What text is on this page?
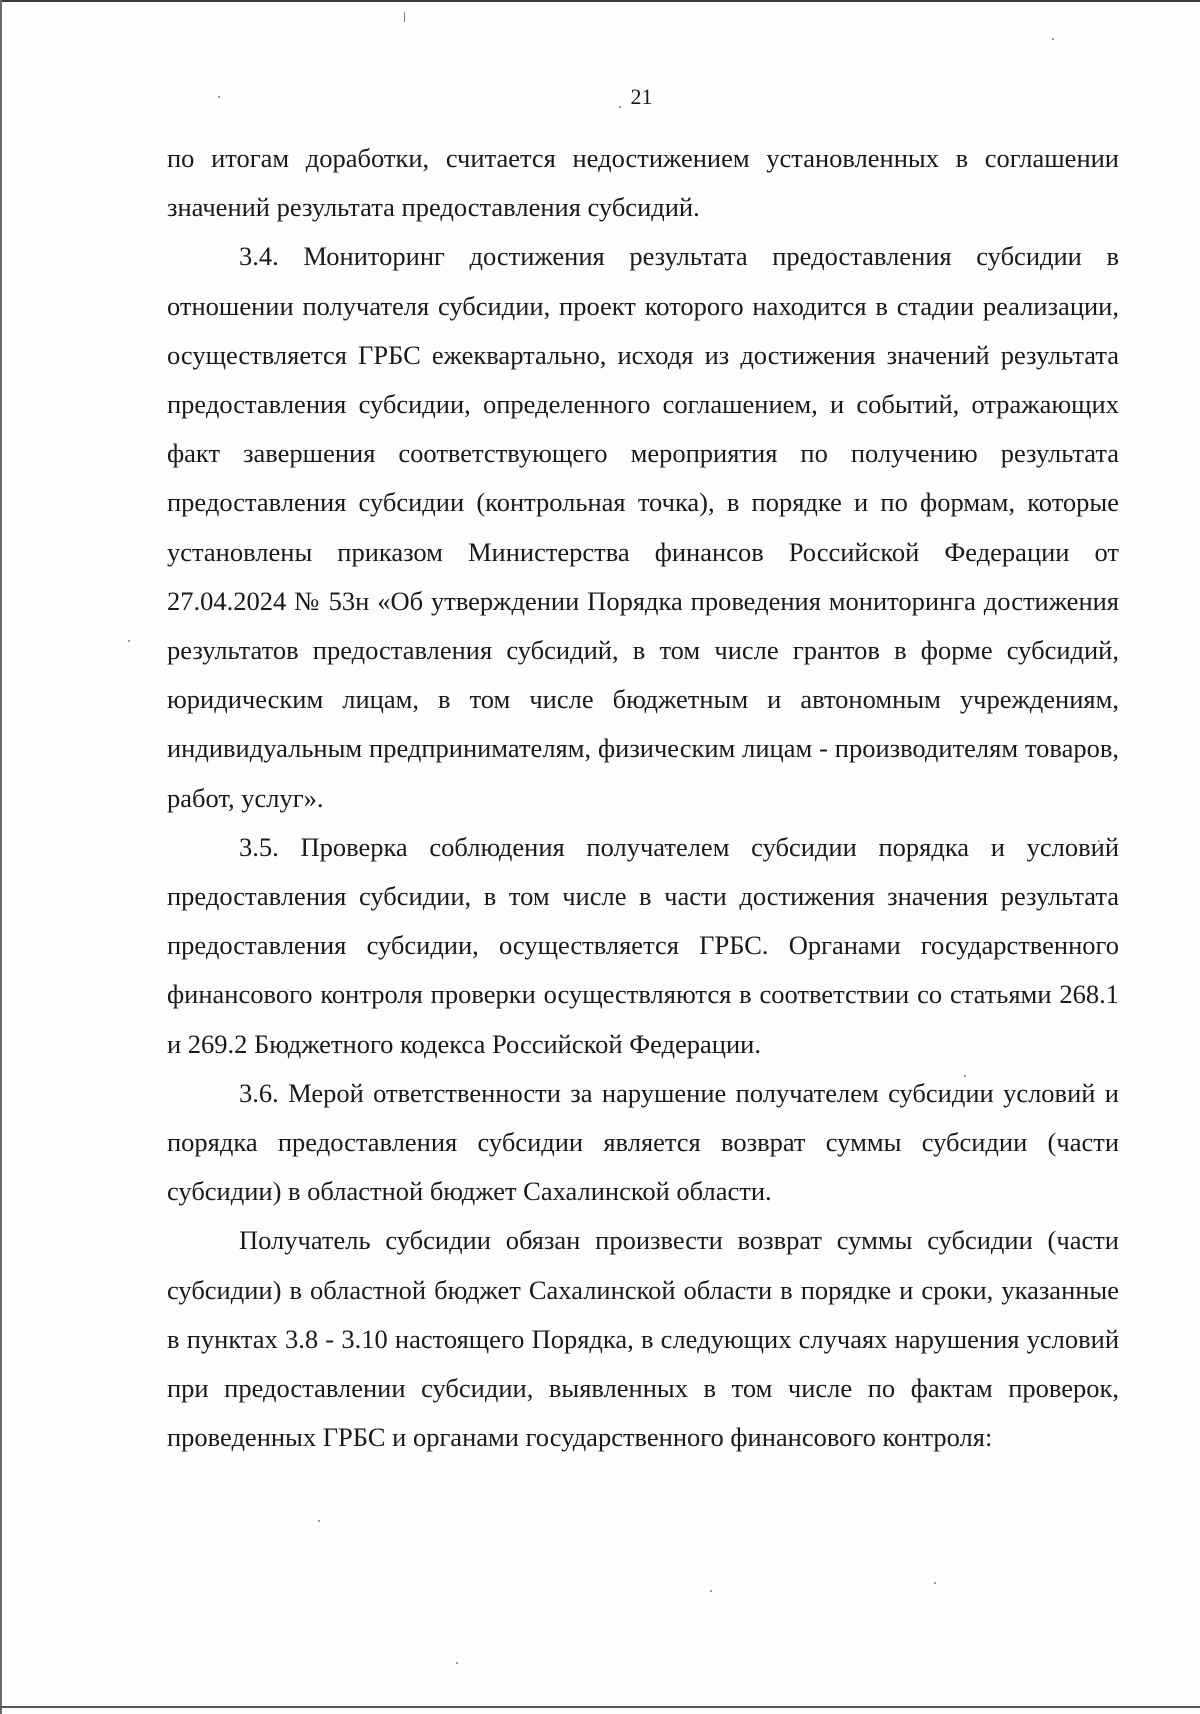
21

по итогам доработки, считается недостижением установленных в соглашении значений результата предоставления субсидий.

3.4. Мониторинг достижения результата предоставления субсидии в отношении получателя субсидии, проект которого находится в стадии реализации, осуществляется ГРБС ежеквартально, исходя из достижения значений результата предоставления субсидии, определенного соглашением, и событий, отражающих факт завершения соответствующего мероприятия по получению результата предоставления субсидии (контрольная точка), в порядке и по формам, которые установлены приказом Министерства финансов Российской Федерации от 27.04.2024 № 53н «Об утверждении Порядка проведения мониторинга достижения результатов предоставления субсидий, в том числе грантов в форме субсидий, юридическим лицам, в том числе бюджетным и автономным учреждениям, индивидуальным предпринимателям, физическим лицам - производителям товаров, работ, услуг».

3.5. Проверка соблюдения получателем субсидии порядка и условий предоставления субсидии, в том числе в части достижения значения результата предоставления субсидии, осуществляется ГРБС. Органами государственного финансового контроля проверки осуществляются в соответствии со статьями 268.1 и 269.2 Бюджетного кодекса Российской Федерации.

3.6. Мерой ответственности за нарушение получателем субсидии условий и порядка предоставления субсидии является возврат суммы субсидии (части субсидии) в областной бюджет Сахалинской области.

Получатель субсидии обязан произвести возврат суммы субсидии (части субсидии) в областной бюджет Сахалинской области в порядке и сроки, указанные в пунктах 3.8 - 3.10 настоящего Порядка, в следующих случаях нарушения условий при предоставлении субсидии, выявленных в том числе по фактам проверок, проведенных ГРБС и органами государственного финансового контроля:
